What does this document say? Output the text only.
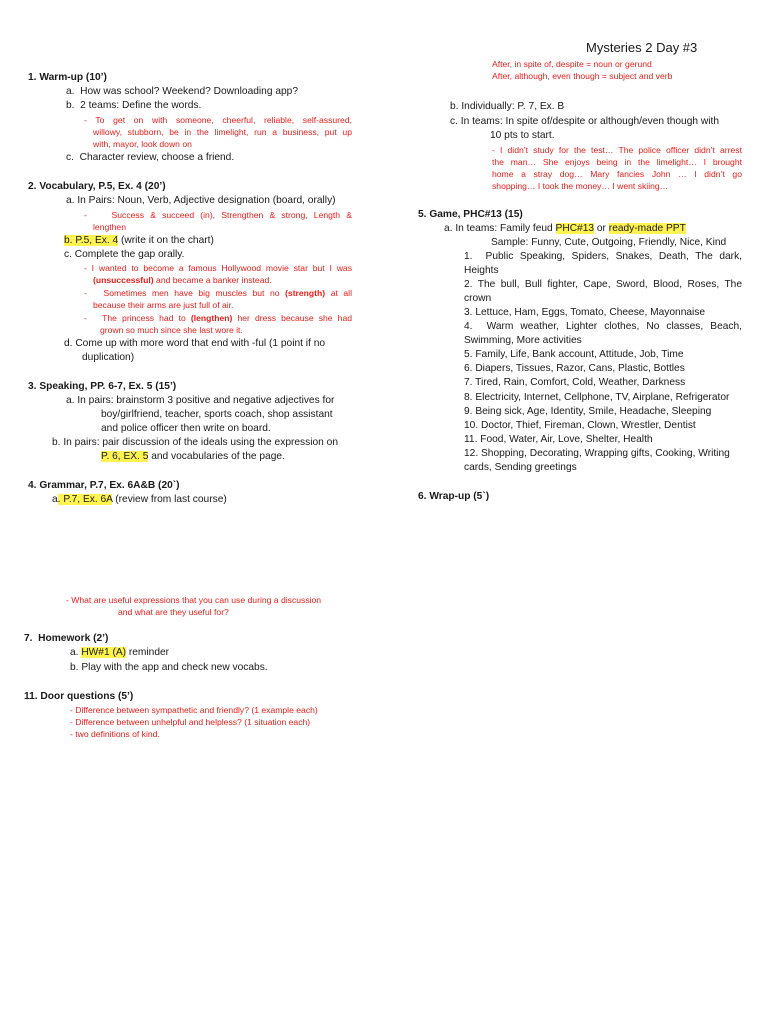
Mysteries 2 Day #3
After, in spite of, despite = noun or gerund
After, although, even though = subject and verb
1. Warm-up (10’)
a.  How was school? Weekend? Downloading app?
b.  2 teams: Define the words.
- To get on with someone, cheerful, reliable, self-assured,
willowy, stubborn, be in the limelight, run a business, put up
with, mayor, look down on
c.  Character review, choose a friend.
2. Vocabulary, P.5, Ex. 4 (20’)
a. In Pairs: Noun, Verb, Adjective designation (board, orally)
-    Success & succeed (in), Strengthen & strong, Length &
lengthen
b. P.5, Ex. 4 (write it on the chart)
c. Complete the gap orally.
- I wanted to become a famous Hollywood movie star but I was
(unsuccessful) and became a banker instead.
-   Sometimes men have big muscles but no (strength) at all
because their arms are just full of air.
-   The princess had to (lengthen) her dress because she had
grown so much since she last wore it.
d. Come up with more word that end with -ful (1 point if no
duplication)
3. Speaking, PP. 6-7, Ex. 5 (15’)
a. In pairs: brainstorm 3 positive and negative adjectives for
boy/girlfriend, teacher, sports coach, shop assistant
and police officer then write on board.
b. In pairs: pair discussion of the ideals using the expression on
P. 6, EX. 5 and vocabularies of the page.
4. Grammar, P.7, Ex. 6A&B (20`)
a. P.7, Ex. 6A (review from last course)
- What are useful expressions that you can use during a discussion
and what are they useful for?
7.  Homework (2’)
a. HW#1 (A) reminder
b. Play with the app and check new vocabs.
11. Door questions (5’)
- Difference between sympathetic and friendly? (1 example each)
- Difference between unhelpful and helpless? (1 situation each)
- two definitions of kind.
b. Individually: P. 7, Ex. B
c. In teams: In spite of/despite or although/even though with
10 pts to start.
- I didn’t study for the test… The police officer didn’t arrest
the man… She enjoys being in the limelight… I brought
home a stray dog… Mary fancies John … I didn’t go
shopping… I took the money… I went skiing…
5. Game, PHC#13 (15)
a. In teams: Family feud PHC#13 or ready-made PPT
Sample: Funny, Cute, Outgoing, Friendly, Nice, Kind
1.  Public Speaking, Spiders, Snakes, Death, The dark,
Heights
2. The bull, Bull fighter, Cape, Sword, Blood, Roses, The
crown
3. Lettuce, Ham, Eggs, Tomato, Cheese, Mayonnaise
4.  Warm weather, Lighter clothes, No classes, Beach,
Swimming, More activities
5. Family, Life, Bank account, Attitude, Job, Time
6. Diapers, Tissues, Razor, Cans, Plastic, Bottles
7. Tired, Rain, Comfort, Cold, Weather, Darkness
8. Electricity, Internet, Cellphone, TV, Airplane, Refrigerator
9. Being sick, Age, Identity, Smile, Headache, Sleeping
10. Doctor, Thief, Fireman, Clown, Wrestler, Dentist
11. Food, Water, Air, Love, Shelter, Health
12. Shopping, Decorating, Wrapping gifts, Cooking, Writing
cards, Sending greetings
6. Wrap-up (5`)
